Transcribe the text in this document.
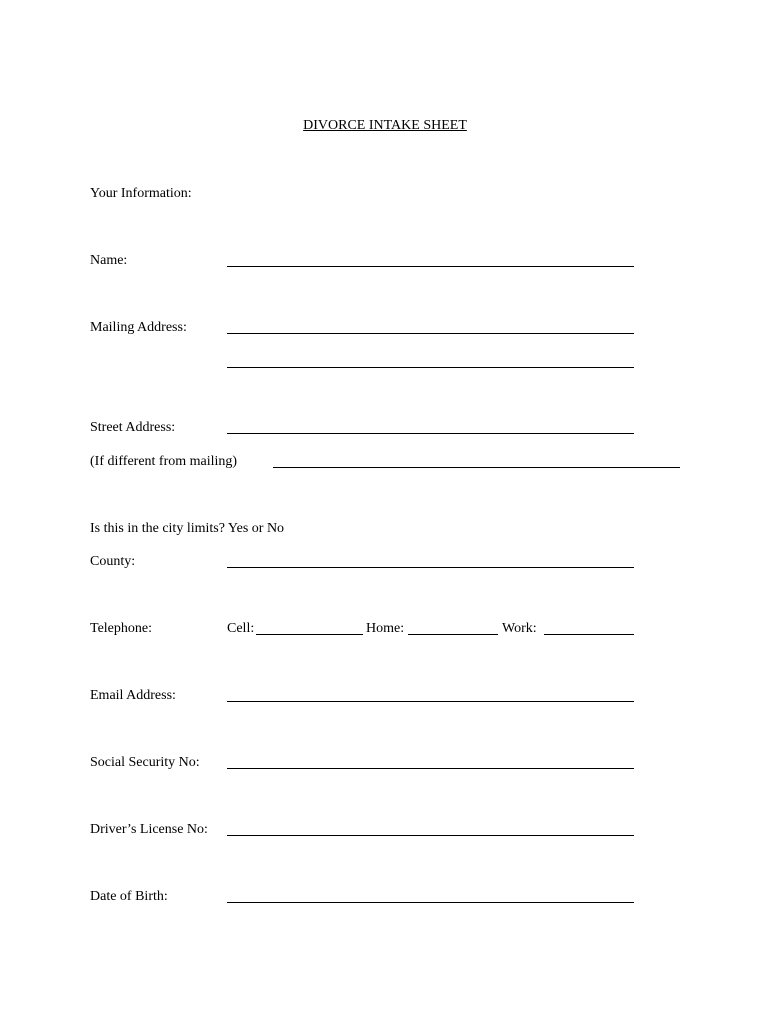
DIVORCE INTAKE SHEET
Your Information:
Name:
Mailing Address:
Street Address:
(If different from mailing)
Is this in the city limits? Yes or No
County:
Telephone:	Cell:	Home:	Work:
Email Address:
Social Security No:
Driver’s License No:
Date of Birth:
